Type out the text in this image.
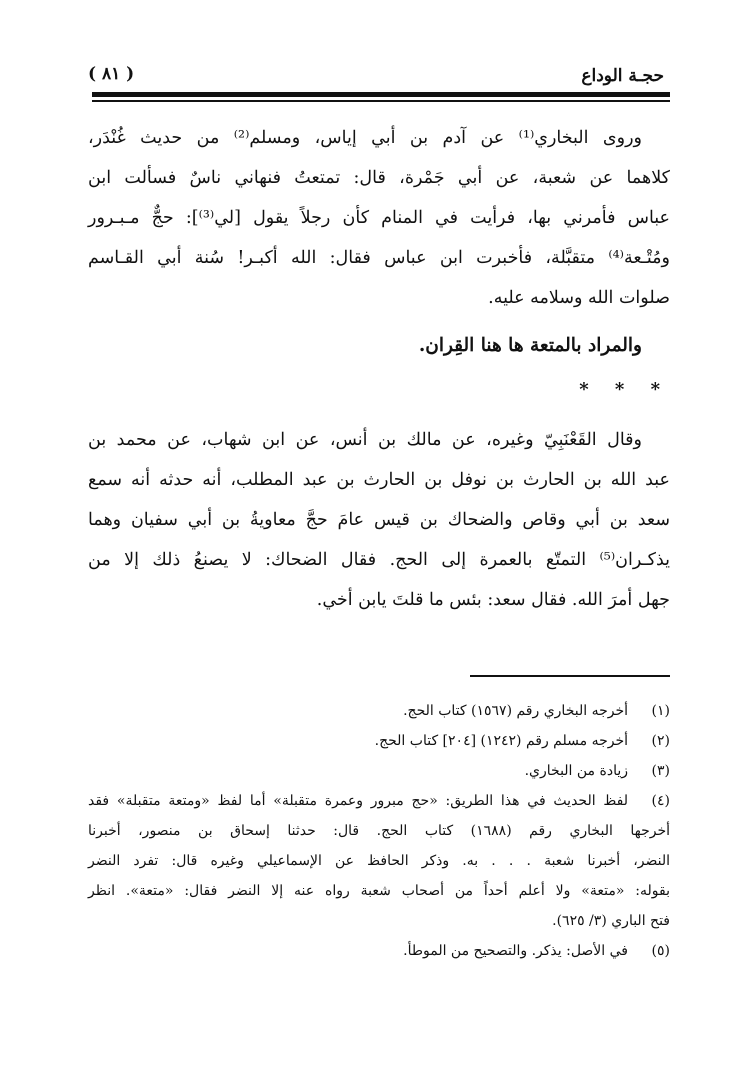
حجـة الوداع
( ٨١ )

وروى البخاري⁽¹⁾ عن آدم بن أبي إياس، ومسلم⁽²⁾ من حديث غُنْدَر،
كلاهما عن شعبة، عن أبي جَمْرة، قال: تمتعتُ فنهاني ناسٌ فسألت ابن
عباس فأمرني بها، فرأيت في المنام كأن رجلاً يقول [لي⁽³⁾]: حجٌّ مـبـرور
ومُتْـعة⁽⁴⁾ متقبَّلة، فأخبرت ابن عباس فقال: الله أكبـر! سُنة أبي القـاسم
صلوات الله وسلامه عليه.

والمراد بالمتعة ها هنا القِران.

* * *

وقال القَعْنَبِيّ وغيره، عن مالك بن أنس، عن ابن شهاب، عن محمد بن
عبد الله بن الحارث بن نوفل بن الحارث بن عبد المطلب، أنه حدثه أنه سمع
سعد بن أبي وقاص والضحاك بن قيس عامَ حجَّ معاويةُ بن أبي سفيان وهما
يذكـران⁽⁵⁾ التمتّع بالعمرة إلى الحج. فقال الضحاك: لا يصنعُ ذلك إلا من
جهل أمرَ الله. فقال سعد: بئس ما قلتَ يابن أخي.

(١)
أخرجه البخاري رقم (١٥٦٧) كتاب الحج.
(٢)
أخرجه مسلم رقم (١٢٤٢) [٢٠٤] كتاب الحج.
(٣)
زيادة من البخاري.
(٤)
لفظ الحديث في هذا الطريق: «حج مبرور وعمرة متقبلة» أما لفظ «ومتعة متقبلة» فقد
أخرجها البخاري رقم (١٦٨٨) كتاب الحج. قال: حدثنا إسحاق بن منصور، أخبرنا
النضر، أخبرنا شعبة . . . به. وذكر الحافظ عن الإسماعيلي وغيره قال: تفرد النضر
بقوله: «متعة» ولا أعلم أحداً من أصحاب شعبة رواه عنه إلا النضر فقال: «متعة». انظر
فتح الباري (٣/ ٦٢٥).
(٥)
في الأصل: يذكر. والتصحيح من الموطأ.
